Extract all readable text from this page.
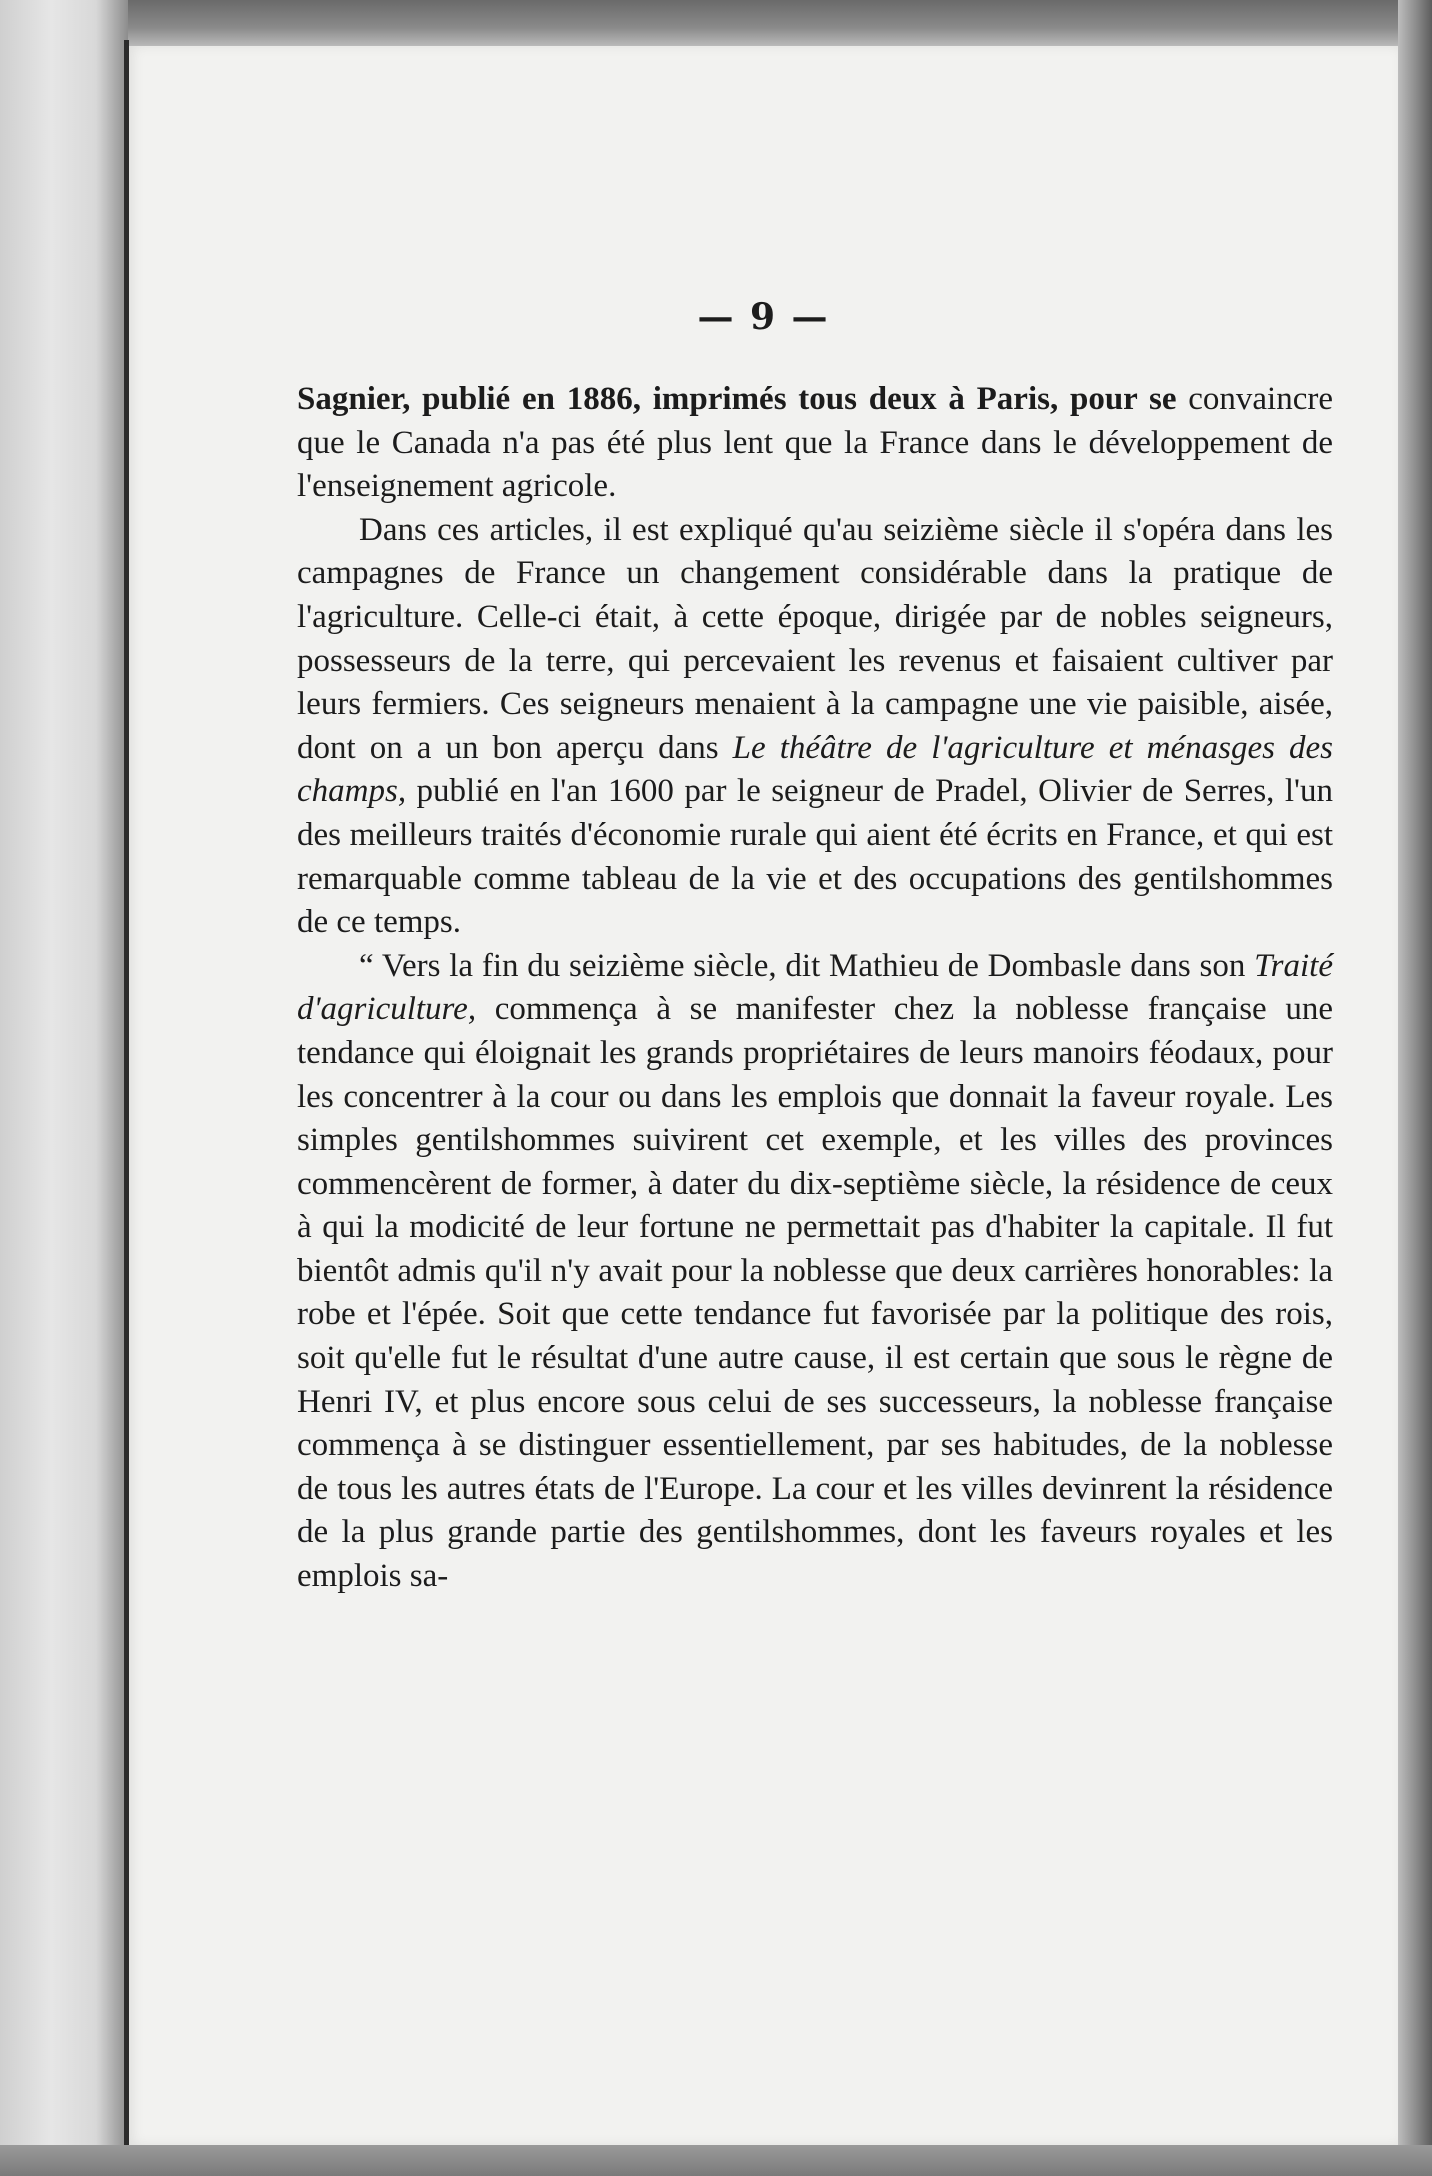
— 9 —

Sagnier, publié en 1886, imprimés tous deux à Paris, pour se convaincre que le Canada n'a pas été plus lent que la France dans le développement de l'enseignement agricole.

Dans ces articles, il est expliqué qu'au seizième siècle il s'opéra dans les campagnes de France un changement considérable dans la pratique de l'agriculture. Celle-ci était, à cette époque, dirigée par de nobles seigneurs, possesseurs de la terre, qui percevaient les revenus et faisaient cultiver par leurs fermiers. Ces seigneurs menaient à la campagne une vie paisible, aisée, dont on a un bon aperçu dans Le théâtre de l'agriculture et ménasges des champs, publié en l'an 1600 par le seigneur de Pradel, Olivier de Serres, l'un des meilleurs traités d'économie rurale qui aient été écrits en France, et qui est remarquable comme tableau de la vie et des occupations des gentilshommes de ce temps.

“ Vers la fin du seizième siècle, dit Mathieu de Dombasle dans son Traité d'agriculture, commença à se manifester chez la noblesse française une tendance qui éloignait les grands propriétaires de leurs manoirs féodaux, pour les concentrer à la cour ou dans les emplois que donnait la faveur royale. Les simples gentilshommes suivirent cet exemple, et les villes des provinces commencèrent de former, à dater du dix-septième siècle, la résidence de ceux à qui la modicité de leur fortune ne permettait pas d'habiter la capitale. Il fut bientôt admis qu'il n'y avait pour la noblesse que deux carrières honorables: la robe et l'épée. Soit que cette tendance fut favorisée par la politique des rois, soit qu'elle fut le résultat d'une autre cause, il est certain que sous le règne de Henri IV, et plus encore sous celui de ses successeurs, la noblesse française commença à se distinguer essentiellement, par ses habitudes, de la noblesse de tous les autres états de l'Europe. La cour et les villes devinrent la résidence de la plus grande partie des gentilshommes, dont les faveurs royales et les emplois sa-
